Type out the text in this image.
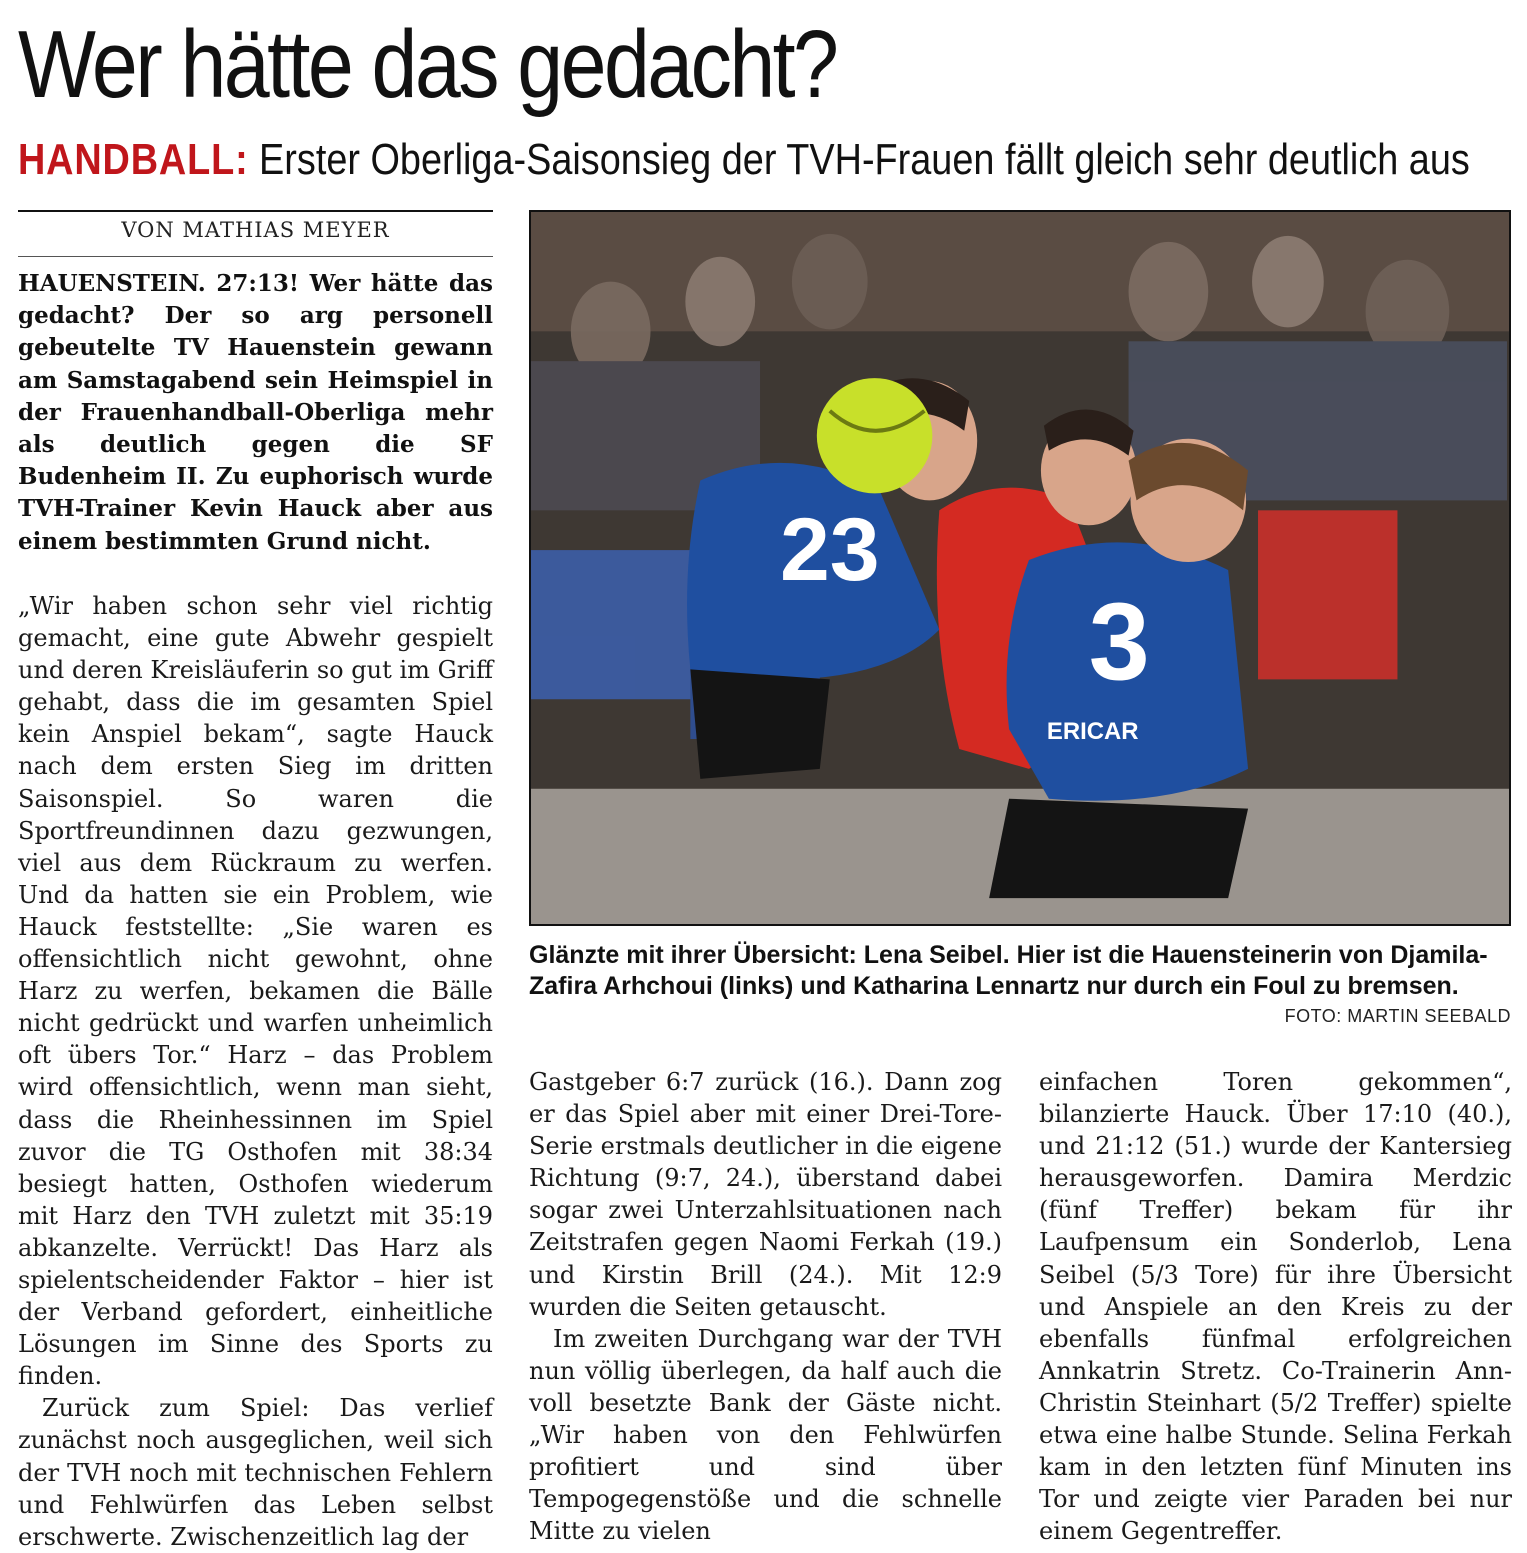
Wer hätte das gedacht?
HANDBALL: Erster Oberliga-Saisonsieg der TVH-Frauen fällt gleich sehr deutlich aus
VON MATHIAS MEYER
HAUENSTEIN. 27:13! Wer hätte das gedacht? Der so arg personell gebeutelte TV Hauenstein gewann am Samstagabend sein Heimspiel in der Frauenhandball-Oberliga mehr als deutlich gegen die SF Budenheim II. Zu euphorisch wurde TVH-Trainer Kevin Hauck aber aus einem bestimmten Grund nicht.

„Wir haben schon sehr viel richtig gemacht, eine gute Abwehr gespielt und deren Kreisläuferin so gut im Griff gehabt, dass die im gesamten Spiel kein Anspiel bekam“, sagte Hauck nach dem ersten Sieg im dritten Saisonspiel. So waren die Sportfreundinnen dazu gezwungen, viel aus dem Rückraum zu werfen. Und da hatten sie ein Problem, wie Hauck feststellte: „Sie waren es offensichtlich nicht gewohnt, ohne Harz zu werfen, bekamen die Bälle nicht gedrückt und warfen unheimlich oft übers Tor.“ Harz – das Problem wird offensichtlich, wenn man sieht, dass die Rheinhessinnen im Spiel zuvor die TG Osthofen mit 38:34 besiegt hatten, Osthofen wiederum mit Harz den TVH zuletzt mit 35:19 abkanzelte. Verrückt! Das Harz als spielentscheidender Faktor – hier ist der Verband gefordert, einheitliche Lösungen im Sinne des Sports zu finden.

Zurück zum Spiel: Das verlief zunächst noch ausgeglichen, weil sich der TVH noch mit technischen Fehlern und Fehlwürfen das Leben selbst erschwerte. Zwischenzeitlich lag der

23
3
ERICAR
Glänzte mit ihrer Übersicht: Lena Seibel. Hier ist die Hauensteinerin von Djamila-Zafira Arhchoui (links) und Katharina Lennartz nur durch ein Foul zu bremsen.
FOTO: MARTIN SEEBALD

Gastgeber 6:7 zurück (16.). Dann zog er das Spiel aber mit einer Drei-Tore-Serie erstmals deutlicher in die eigene Richtung (9:7, 24.), überstand dabei sogar zwei Unterzahlsituationen nach Zeitstrafen gegen Naomi Ferkah (19.) und Kirstin Brill (24.). Mit 12:9 wurden die Seiten getauscht.

Im zweiten Durchgang war der TVH nun völlig überlegen, da half auch die voll besetzte Bank der Gäste nicht. „Wir haben von den Fehlwürfen profitiert und sind über Tempogegenstöße und die schnelle Mitte zu vielen

einfachen Toren gekommen“, bilanzierte Hauck. Über 17:10 (40.), und 21:12 (51.) wurde der Kantersieg herausgeworfen. Damira Merdzic (fünf Treffer) bekam für ihr Laufpensum ein Sonderlob, Lena Seibel (5/3 Tore) für ihre Übersicht und Anspiele an den Kreis zu der ebenfalls fünfmal erfolgreichen Annkatrin Stretz. Co-Trainerin Ann-Christin Steinhart (5/2 Treffer) spielte etwa eine halbe Stunde. Selina Ferkah kam in den letzten fünf Minuten ins Tor und zeigte vier Paraden bei nur einem Gegentreffer.
